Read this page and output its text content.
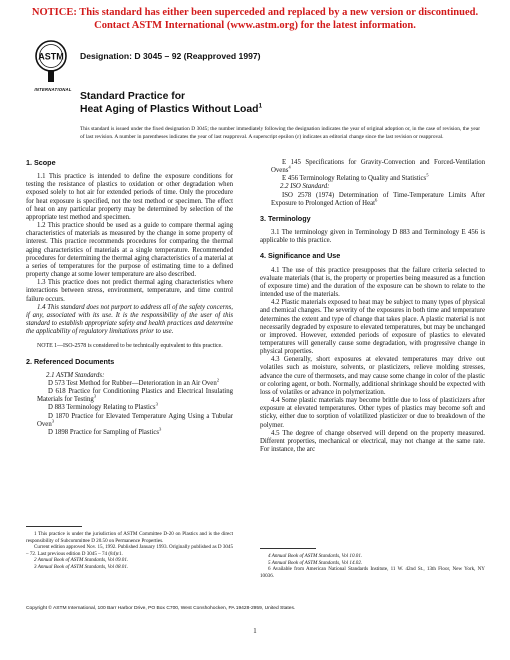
NOTICE: This standard has either been superceded and replaced by a new version or discontinued.
Contact ASTM International (www.astm.org) for the latest information.
ASTM
INTERNATIONAL
Designation: D 3045 – 92 (Reapproved 1997)
Standard Practice for
Heat Aging of Plastics Without Load$^1$
This standard is issued under the fixed designation D 3045; the number immediately following the designation indicates the year of original adoption or, in the case of revision, the year of last revision. A number in parentheses indicates the year of last reapproval. A superscript epsilon (ε) indicates an editorial change since the last revision or reapproval.
1. Scope

1.1 This practice is intended to define the exposure conditions for testing the resistance of plastics to oxidation or other degradation when exposed solely to hot air for extended periods of time. Only the procedure for heat exposure is specified, not the test method or specimen. The effect of heat on any particular property may be determined by selection of the appropriate test method and specimen.

1.2 This practice should be used as a guide to compare thermal aging characteristics of materials as measured by the change in some property of interest. This practice recommends procedures for comparing the thermal aging characteristics of materials at a single temperature. Recommended procedures for determining the thermal aging characteristics of a material at a series of temperatures for the purpose of estimating time to a defined property change at some lower temperature are also described.

1.3 This practice does not predict thermal aging characteristics where interactions between stress, environment, temperature, and time control failure occurs.

1.4 This standard does not purport to address all of the safety concerns, if any, associated with its use. It is the responsibility of the user of this standard to establish appropriate safety and health practices and determine the applicability of regulatory limitations prior to use.

NOTE 1—ISO-2578 is considered to be technically equivalent to this practice.

2. Referenced Documents

2.1 ASTM Standards:

D 573 Test Method for Rubber—Deterioration in an Air Oven$^2$

D 618 Practice for Conditioning Plastics and Electrical Insulating Materials for Testing$^3$

D 883 Terminology Relating to Plastics$^3$

D 1870 Practice for Elevated Temperature Aging Using a Tubular Oven$^3$

D 1898 Practice for Sampling of Plastics$^3$

E 145 Specifications for Gravity-Convection and Forced-Ventilation Ovens$^4$

E 456 Terminology Relating to Quality and Statistics$^5$

2.2 ISO Standard:

ISO 2578 (1974) Determination of Time-Temperature Limits After Exposure to Prolonged Action of Heat$^6$

3. Terminology

3.1 The terminology given in Terminology D 883 and Terminology E 456 is applicable to this practice.

4. Significance and Use

4.1 The use of this practice presupposes that the failure criteria selected to evaluate materials (that is, the property or properties being measured as a function of exposure time) and the duration of the exposure can be shown to relate to the intended use of the materials.

4.2 Plastic materials exposed to heat may be subject to many types of physical and chemical changes. The severity of the exposures in both time and temperature determines the extent and type of change that takes place. A plastic material is not necessarily degraded by exposure to elevated temperatures, but may be unchanged or improved. However, extended periods of exposure of plastics to elevated temperatures will generally cause some degradation, with progressive change in physical properties.

4.3 Generally, short exposures at elevated temperatures may drive out volatiles such as moisture, solvents, or plasticizers, relieve molding stresses, advance the cure of thermosets, and may cause some change in color of the plastic or coloring agent, or both. Normally, additional shrinkage should be expected with loss of volatiles or advance in polymerization.

4.4 Some plastic materials may become brittle due to loss of plasticizers after exposure at elevated temperatures. Other types of plastics may become soft and sticky, either due to sorption of volatilized plasticizer or due to breakdown of the polymer.

4.5 The degree of change observed will depend on the property measured. Different properties, mechanical or electrical, may not change at the same rate. For instance, the arc

1 This practice is under the jurisdiction of ASTM Committee D-20 on Plastics and is the direct responsibility of Subcommittee D 20.50 on Permanence Properties.

Current edition approved Nov. 15, 1992. Published January 1993. Originally published as D 3045 – 72. Last previous edition D 3045 – 74 (84)ε1.

2 Annual Book of ASTM Standards, Vol 09.01.

3 Annual Book of ASTM Standards, Vol 08.01.

4 Annual Book of ASTM Standards, Vol 10.01.

5 Annual Book of ASTM Standards, Vol 14.02.

6 Available from American National Standards Institute, 11 W. 42nd St., 13th Floor, New York, NY 10036.

Copyright © ASTM International, 100 Barr Harbor Drive, PO Box C700, West Conshohocken, PA 19428-2959, United States.
1
